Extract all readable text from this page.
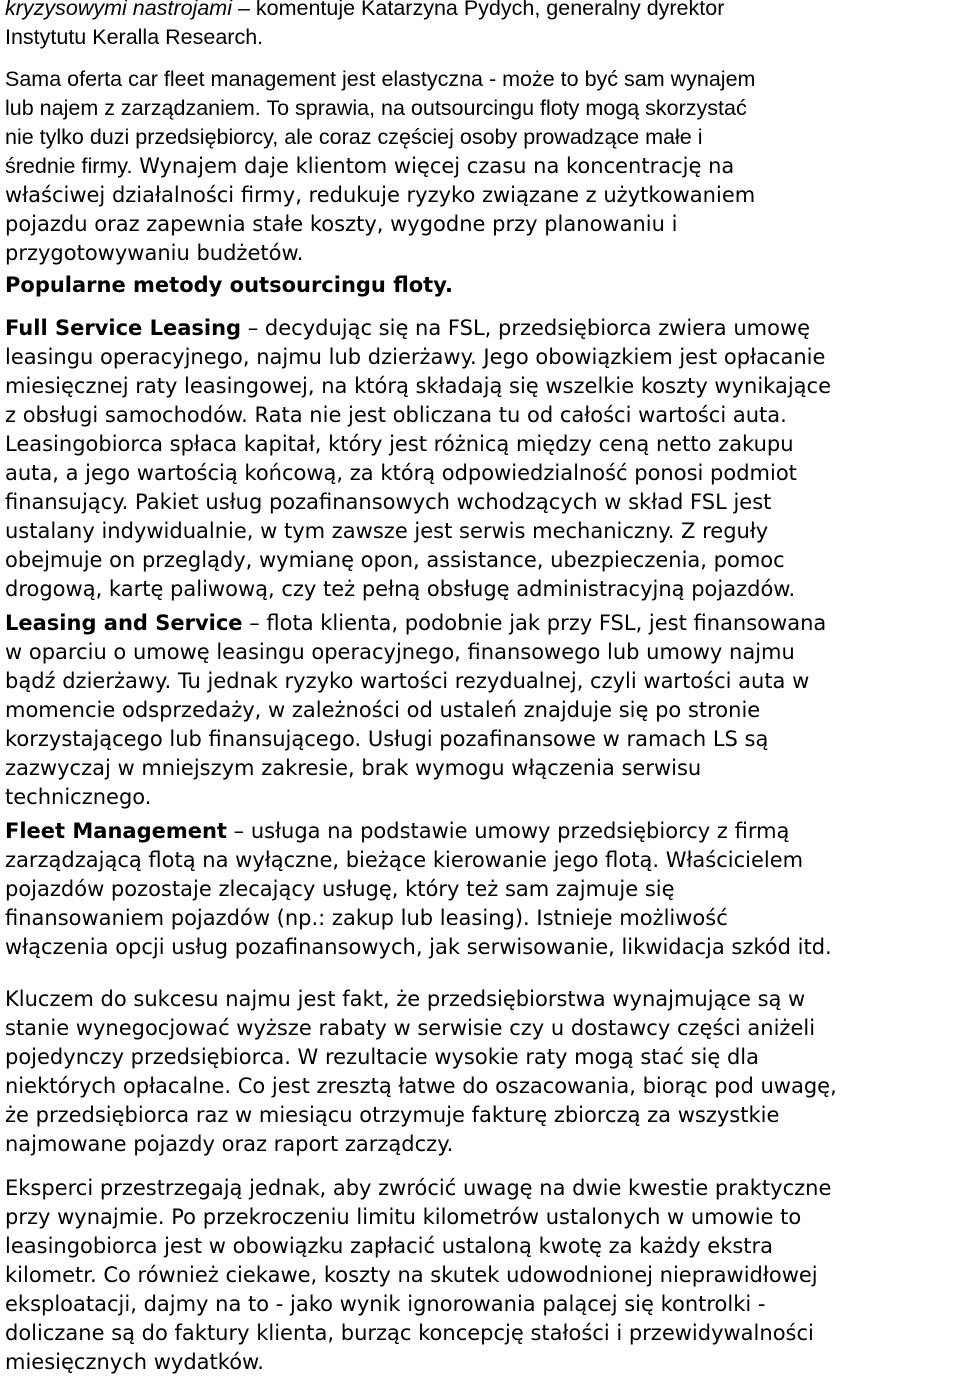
kryzysowymi nastrojami – komentuje Katarzyna Pydych, generalny dyrektor
Instytutu Keralla Research.

Sama oferta car fleet management jest elastyczna - może to być sam wynajem
lub najem z zarządzaniem. To sprawia, na outsourcingu floty mogą skorzystać
nie tylko duzi przedsiębiorcy, ale coraz częściej osoby prowadzące małe i
średnie firmy. Wynajem daje klientom więcej czasu na koncentrację na
właściwej działalności firmy, redukuje ryzyko związane z użytkowaniem
pojazdu oraz zapewnia stałe koszty, wygodne przy planowaniu i
przygotowywaniu budżetów.

Popularne metody outsourcingu floty.

Full Service Leasing – decydując się na FSL, przedsiębiorca zwiera umowę
leasingu operacyjnego, najmu lub dzierżawy. Jego obowiązkiem jest opłacanie
miesięcznej raty leasingowej, na którą składają się wszelkie koszty wynikające
z obsługi samochodów. Rata nie jest obliczana tu od całości wartości auta.
Leasingobiorca spłaca kapitał, który jest różnicą między ceną netto zakupu
auta, a jego wartością końcową, za którą odpowiedzialność ponosi podmiot
finansujący. Pakiet usług pozafinansowych wchodzących w skład FSL jest
ustalany indywidualnie, w tym zawsze jest serwis mechaniczny. Z reguły
obejmuje on przeglądy, wymianę opon, assistance, ubezpieczenia, pomoc
drogową, kartę paliwową, czy też pełną obsługę administracyjną pojazdów.

Leasing and Service – flota klienta, podobnie jak przy FSL, jest finansowana
w oparciu o umowę leasingu operacyjnego, finansowego lub umowy najmu
bądź dzierżawy. Tu jednak ryzyko wartości rezydualnej, czyli wartości auta w
momencie odsprzedaży, w zależności od ustaleń znajduje się po stronie
korzystającego lub finansującego. Usługi pozafinansowe w ramach LS są
zazwyczaj w mniejszym zakresie, brak wymogu włączenia serwisu
technicznego.

Fleet Management – usługa na podstawie umowy przedsiębiorcy z firmą
zarządzającą flotą na wyłączne, bieżące kierowanie jego flotą. Właścicielem
pojazdów pozostaje zlecający usługę, który też sam zajmuje się
finansowaniem pojazdów (np.: zakup lub leasing). Istnieje możliwość
włączenia opcji usług pozafinansowych, jak serwisowanie, likwidacja szkód itd.

Kluczem do sukcesu najmu jest fakt, że przedsiębiorstwa wynajmujące są w
stanie wynegocjować wyższe rabaty w serwisie czy u dostawcy części aniżeli
pojedynczy przedsiębiorca. W rezultacie wysokie raty mogą stać się dla
niektórych opłacalne. Co jest zresztą łatwe do oszacowania, biorąc pod uwagę,
że przedsiębiorca raz w miesiącu otrzymuje fakturę zbiorczą za wszystkie
najmowane pojazdy oraz raport zarządczy.

Eksperci przestrzegają jednak, aby zwrócić uwagę na dwie kwestie praktyczne
przy wynajmie. Po przekroczeniu limitu kilometrów ustalonych w umowie to
leasingobiorca jest w obowiązku zapłacić ustaloną kwotę za każdy ekstra
kilometr. Co również ciekawe, koszty na skutek udowodnionej nieprawidłowej
eksploatacji, dajmy na to - jako wynik ignorowania palącej się kontrolki -
doliczane są do faktury klienta, burząc koncepcję stałości i przewidywalności
miesięcznych wydatków.
